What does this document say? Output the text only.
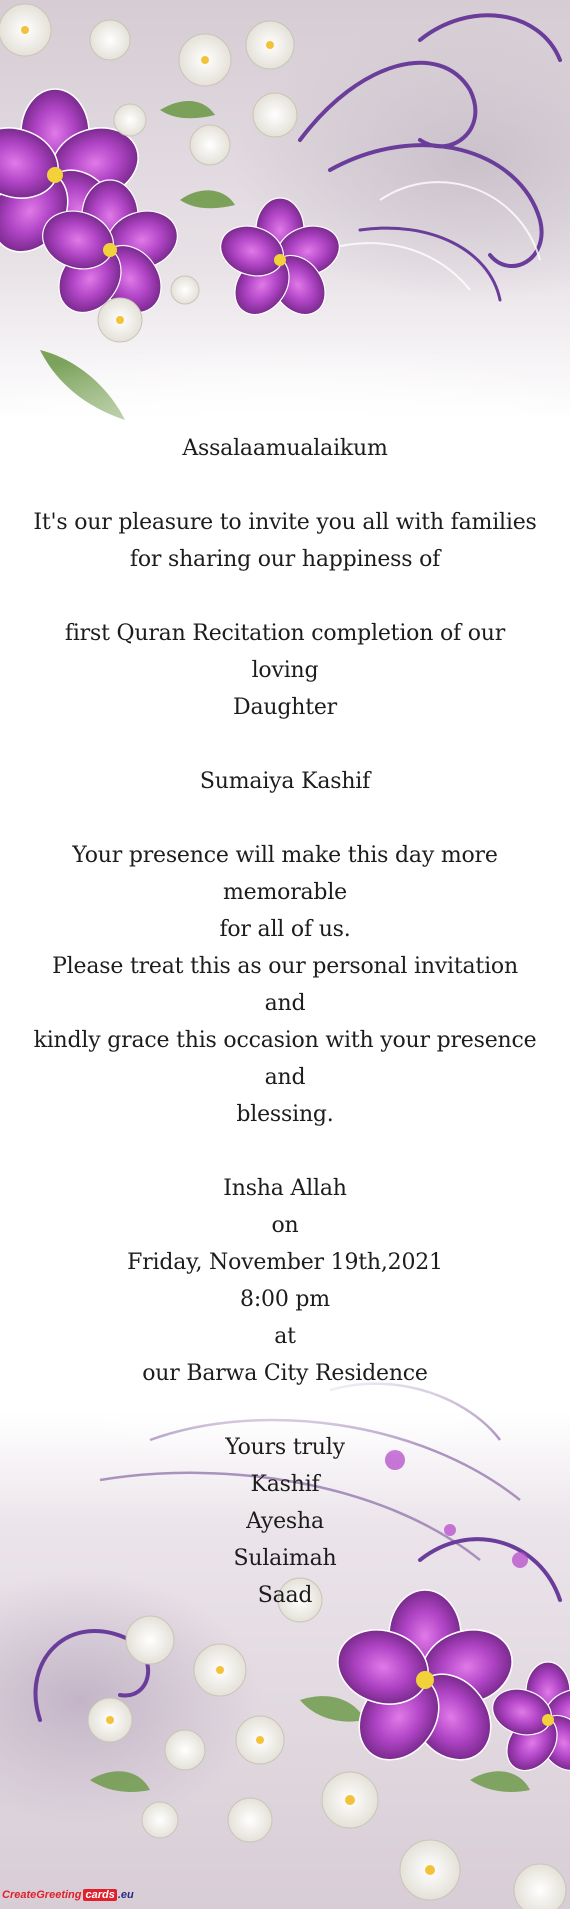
Assalaamualaikum
It's our pleasure to invite you all with families
for sharing our happiness of
first Quran Recitation completion of our loving
Daughter
Sumaiya Kashif
Your presence will make this day more memorable
for all of us.
Please treat this as our personal invitation and
kindly grace this occasion with your presence and
blessing.
Insha Allah
on
Friday, November 19th,2021
8:00 pm
at
our Barwa City Residence
Yours truly
Kashif
Ayesha
Sulaimah
Saad
CreateGreeting cards .eu
